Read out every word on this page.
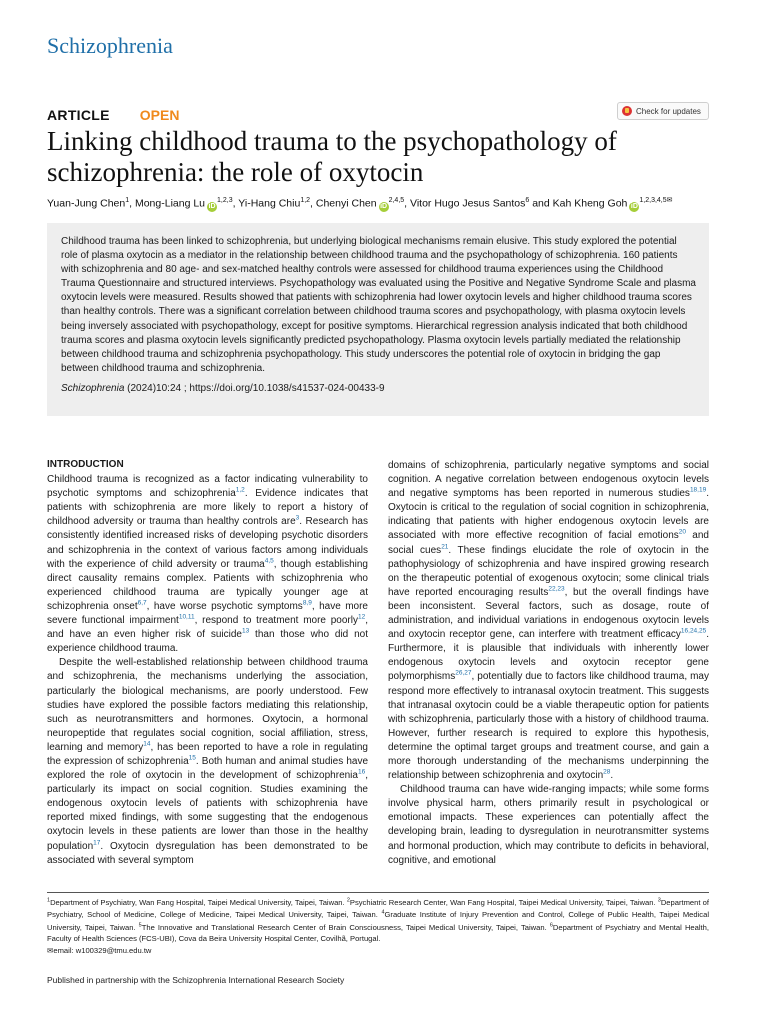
Schizophrenia
ARTICLE OPEN	Check for updates
Linking childhood trauma to the psychopathology of schizophrenia: the role of oxytocin
Yuan-Jung Chen$^1$, Mong-Liang Lu iD$^{1,2,3}$, Yi-Hang Chiu$^{1,2}$, Chenyi Chen iD$^{2,4,5}$, Vitor Hugo Jesus Santos$^6$ and Kah Kheng Goh $iD^{1,2,3,4,5✉}$
Childhood trauma has been linked to schizophrenia, but underlying biological mechanisms remain elusive. This study explored the potential role of plasma oxytocin as a mediator in the relationship between childhood trauma and the psychopathology of schizophrenia. 160 patients with schizophrenia and 80 age- and sex-matched healthy controls were assessed for childhood trauma experiences using the Childhood Trauma Questionnaire and structured interviews. Psychopathology was evaluated using the Positive and Negative Syndrome Scale and plasma oxytocin levels were measured. Results showed that patients with schizophrenia had lower oxytocin levels and higher childhood trauma scores than healthy controls. There was a significant correlation between childhood trauma scores and psychopathology, with plasma oxytocin levels being inversely associated with psychopathology, except for positive symptoms. Hierarchical regression analysis indicated that both childhood trauma scores and plasma oxytocin levels significantly predicted psychopathology. Plasma oxytocin levels partially mediated the relationship between childhood trauma and schizophrenia psychopathology. This study underscores the potential role of oxytocin in bridging the gap between childhood trauma and schizophrenia.
Schizophrenia (2024)10:24 ; https://doi.org/10.1038/s41537-024-00433-9
INTRODUCTION

Childhood trauma is recognized as a factor indicating vulnerability to psychotic symptoms and schizophrenia$^{1,2}$. Evidence indicates that patients with schizophrenia are more likely to report a history of childhood adversity or trauma than healthy controls are$^3$. Research has consistently identified increased risks of developing psychotic disorders and schizophrenia in the context of various factors among individuals with the experience of child adversity or trauma$^{4,5}$, though establishing direct causality remains complex. Patients with schizophrenia who experienced childhood trauma are typically younger age at schizophrenia onset$^{6,7}$, have worse psychotic symptoms$^{8,9}$, have more severe functional impairment$^{10,11}$, respond to treatment more poorly$^{12}$, and have an even higher risk of suicide$^{13}$ than those who did not experience childhood trauma.

Despite the well-established relationship between childhood trauma and schizophrenia, the mechanisms underlying the association, particularly the biological mechanisms, are poorly understood. Few studies have explored the possible factors mediating this relationship, such as neurotransmitters and hormones. Oxytocin, a hormonal neuropeptide that regulates social cognition, social affiliation, stress, learning and memory$^{14}$, has been reported to have a role in regulating the expression of schizophrenia$^{15}$. Both human and animal studies have explored the role of oxytocin in the development of schizophrenia$^{16}$, particularly its impact on social cognition. Studies examining the endogenous oxytocin levels of patients with schizophrenia have reported mixed findings, with some suggesting that the endogenous oxytocin levels in these patients are lower than those in the healthy population$^{17}$. Oxytocin dysregulation has been demonstrated to be associated with several symptom

domains of schizophrenia, particularly negative symptoms and social cognition. A negative correlation between endogenous oxytocin levels and negative symptoms has been reported in numerous studies$^{18,19}$. Oxytocin is critical to the regulation of social cognition in schizophrenia, indicating that patients with higher endogenous oxytocin levels are associated with more effective recognition of facial emotions$^{20}$ and social cues$^{21}$. These findings elucidate the role of oxytocin in the pathophysiology of schizophrenia and have inspired growing research on the therapeutic potential of exogenous oxytocin; some clinical trials have reported encouraging results$^{22,23}$, but the overall findings have been inconsistent. Several factors, such as dosage, route of administration, and individual variations in endogenous oxytocin levels and oxytocin receptor gene, can interfere with treatment efficacy$^{16,24,25}$. Furthermore, it is plausible that individuals with inherently lower endogenous oxytocin levels and oxytocin receptor gene polymorphisms$^{26,27}$, potentially due to factors like childhood trauma, may respond more effectively to intranasal oxytocin treatment. This suggests that intranasal oxytocin could be a viable therapeutic option for patients with schizophrenia, particularly those with a history of childhood trauma. However, further research is required to explore this hypothesis, determine the optimal target groups and treatment course, and gain a more thorough understanding of the mechanisms underpinning the relationship between schizophrenia and oxytocin$^{28}$.

Childhood trauma can have wide-ranging impacts; while some forms involve physical harm, others primarily result in psychological or emotional impacts. These experiences can potentially affect the developing brain, leading to dysregulation in neurotransmitter systems and hormonal production, which may contribute to deficits in behavioral, cognitive, and emotional

$^1$Department of Psychiatry, Wan Fang Hospital, Taipei Medical University, Taipei, Taiwan. $^2$Psychiatric Research Center, Wan Fang Hospital, Taipei Medical University, Taipei, Taiwan. $^3$Department of Psychiatry, School of Medicine, College of Medicine, Taipei Medical University, Taipei, Taiwan. $^4$Graduate Institute of Injury Prevention and Control, College of Public Health, Taipei Medical University, Taipei, Taiwan. $^5$The Innovative and Translational Research Center of Brain Consciousness, Taipei Medical University, Taipei, Taiwan. $^6$Department of Psychiatry and Mental Health, Faculty of Health Sciences (FCS-UBI), Cova da Beira University Hospital Center, Covilhã, Portugal.
✉email: w100329@tmu.edu.tw
Published in partnership with the Schizophrenia International Research Society
